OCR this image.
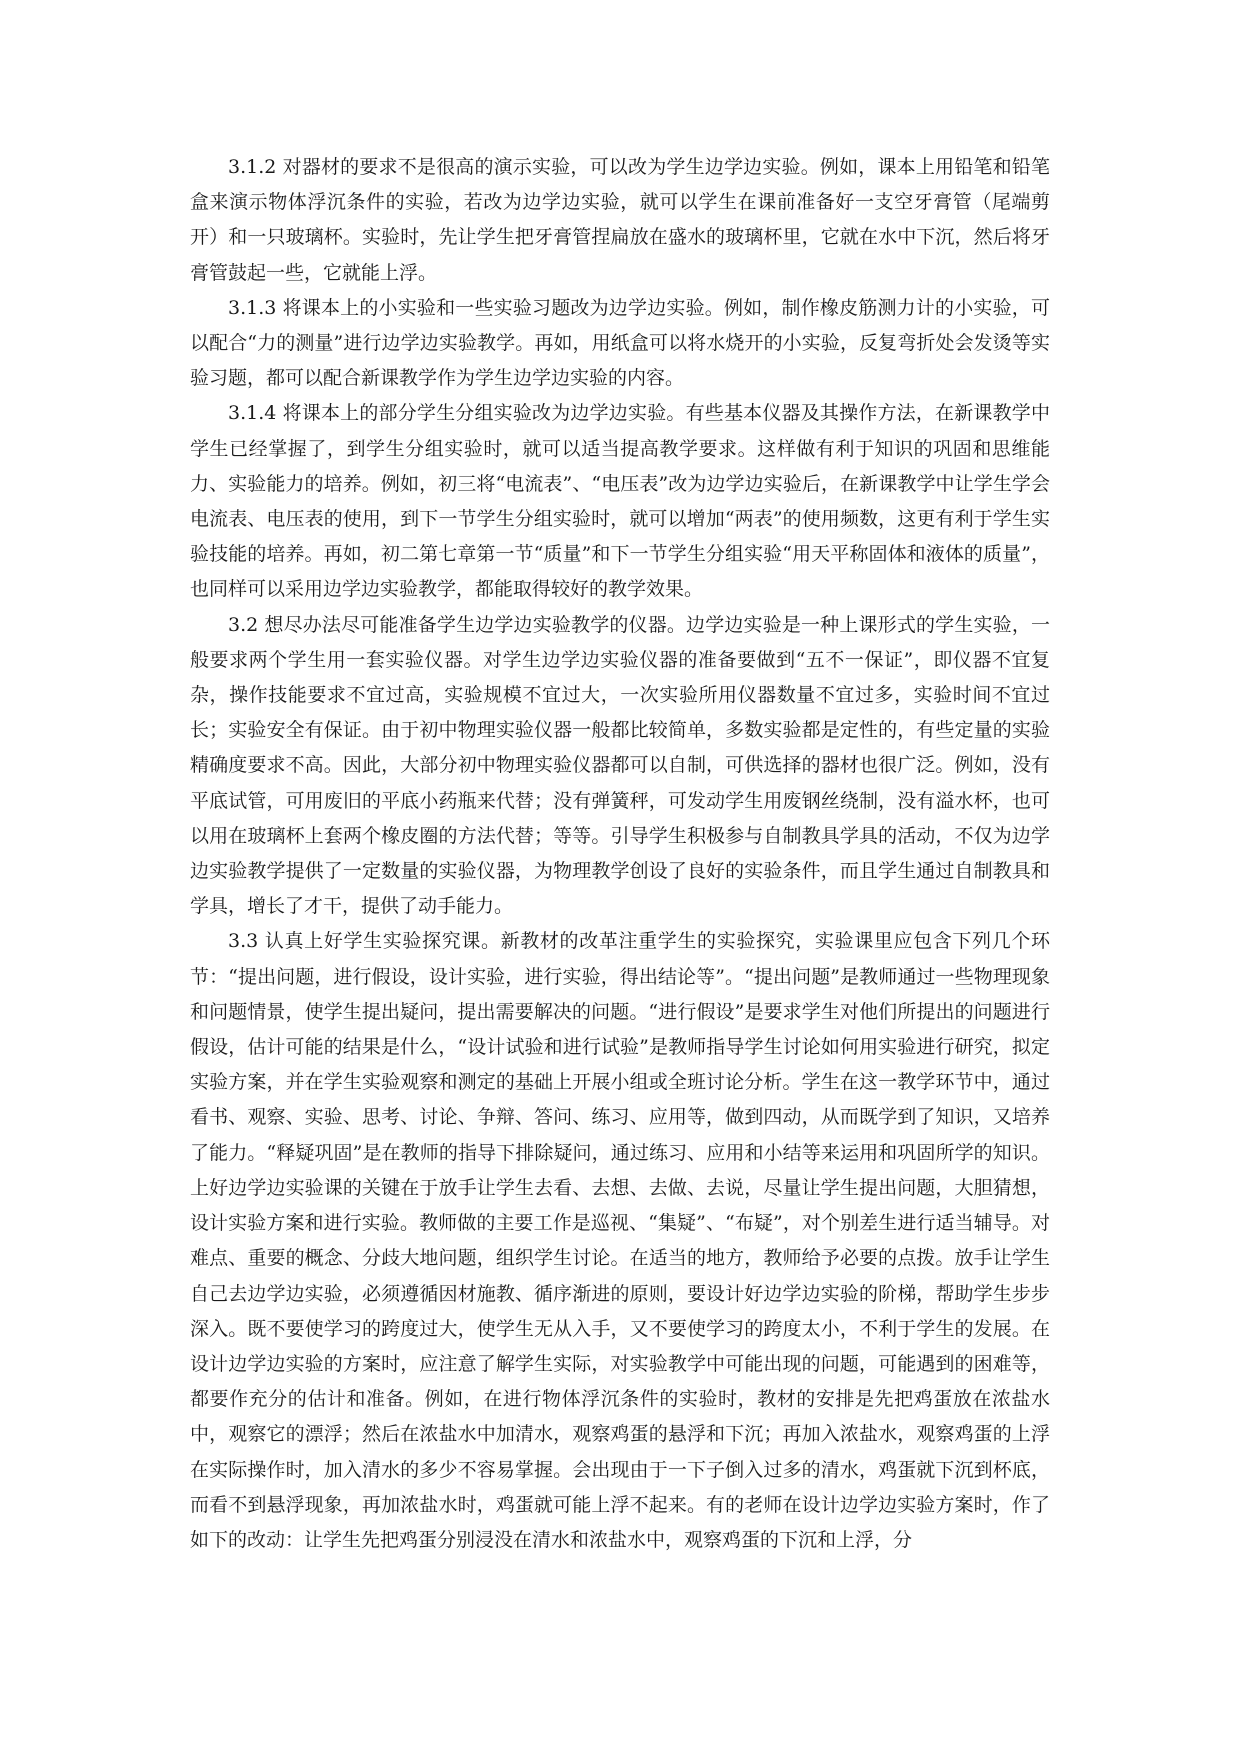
3.1.2 对器材的要求不是很高的演示实验，可以改为学生边学边实验。例如，课本上用铅笔和铅笔盒来演示物体浮沉条件的实验，若改为边学边实验，就可以学生在课前准备好一支空牙膏管（尾端剪开）和一只玻璃杯。实验时，先让学生把牙膏管捏扁放在盛水的玻璃杯里，它就在水中下沉，然后将牙膏管鼓起一些，它就能上浮。

3.1.3 将课本上的小实验和一些实验习题改为边学边实验。例如，制作橡皮筋测力计的小实验，可以配合“力的测量”进行边学边实验教学。再如，用纸盒可以将水烧开的小实验，反复弯折处会发烫等实验习题，都可以配合新课教学作为学生边学边实验的内容。

3.1.4 将课本上的部分学生分组实验改为边学边实验。有些基本仪器及其操作方法，在新课教学中学生已经掌握了，到学生分组实验时，就可以适当提高教学要求。这样做有利于知识的巩固和思维能力、实验能力的培养。例如，初三将“电流表”、“电压表”改为边学边实验后，在新课教学中让学生学会电流表、电压表的使用，到下一节学生分组实验时，就可以增加“两表”的使用频数，这更有利于学生实验技能的培养。再如，初二第七章第一节“质量”和下一节学生分组实验“用天平称固体和液体的质量”，也同样可以采用边学边实验教学，都能取得较好的教学效果。

3.2 想尽办法尽可能准备学生边学边实验教学的仪器。边学边实验是一种上课形式的学生实验，一般要求两个学生用一套实验仪器。对学生边学边实验仪器的准备要做到“五不一保证”，即仪器不宜复杂，操作技能要求不宜过高，实验规模不宜过大，一次实验所用仪器数量不宜过多，实验时间不宜过长；实验安全有保证。由于初中物理实验仪器一般都比较简单，多数实验都是定性的，有些定量的实验精确度要求不高。因此，大部分初中物理实验仪器都可以自制，可供选择的器材也很广泛。例如，没有平底试管，可用废旧的平底小药瓶来代替；没有弹簧秤，可发动学生用废钢丝绕制，没有溢水杯，也可以用在玻璃杯上套两个橡皮圈的方法代替；等等。引导学生积极参与自制教具学具的活动，不仅为边学边实验教学提供了一定数量的实验仪器，为物理教学创设了良好的实验条件，而且学生通过自制教具和学具，增长了才干，提供了动手能力。

3.3 认真上好学生实验探究课。新教材的改革注重学生的实验探究，实验课里应包含下列几个环节：“提出问题，进行假设，设计实验，进行实验，得出结论等”。“提出问题”是教师通过一些物理现象和问题情景，使学生提出疑问，提出需要解决的问题。“进行假设”是要求学生对他们所提出的问题进行假设，估计可能的结果是什么，“设计试验和进行试验”是教师指导学生讨论如何用实验进行研究，拟定实验方案，并在学生实验观察和测定的基础上开展小组或全班讨论分析。学生在这一教学环节中，通过看书、观察、实验、思考、讨论、争辩、答问、练习、应用等，做到四动，从而既学到了知识，又培养了能力。“释疑巩固”是在教师的指导下排除疑问，通过练习、应用和小结等来运用和巩固所学的知识。上好边学边实验课的关键在于放手让学生去看、去想、去做、去说，尽量让学生提出问题，大胆猜想，设计实验方案和进行实验。教师做的主要工作是巡视、“集疑”、“布疑”，对个别差生进行适当辅导。对难点、重要的概念、分歧大地问题，组织学生讨论。在适当的地方，教师给予必要的点拨。放手让学生自己去边学边实验，必须遵循因材施教、循序渐进的原则，要设计好边学边实验的阶梯，帮助学生步步深入。既不要使学习的跨度过大，使学生无从入手，又不要使学习的跨度太小，不利于学生的发展。在设计边学边实验的方案时，应注意了解学生实际，对实验教学中可能出现的问题，可能遇到的困难等，都要作充分的估计和准备。例如，在进行物体浮沉条件的实验时，教材的安排是先把鸡蛋放在浓盐水中，观察它的漂浮；然后在浓盐水中加清水，观察鸡蛋的悬浮和下沉；再加入浓盐水，观察鸡蛋的上浮在实际操作时，加入清水的多少不容易掌握。会出现由于一下子倒入过多的清水，鸡蛋就下沉到杯底，而看不到悬浮现象，再加浓盐水时，鸡蛋就可能上浮不起来。有的老师在设计边学边实验方案时，作了如下的改动：让学生先把鸡蛋分别浸没在清水和浓盐水中，观察鸡蛋的下沉和上浮，分
